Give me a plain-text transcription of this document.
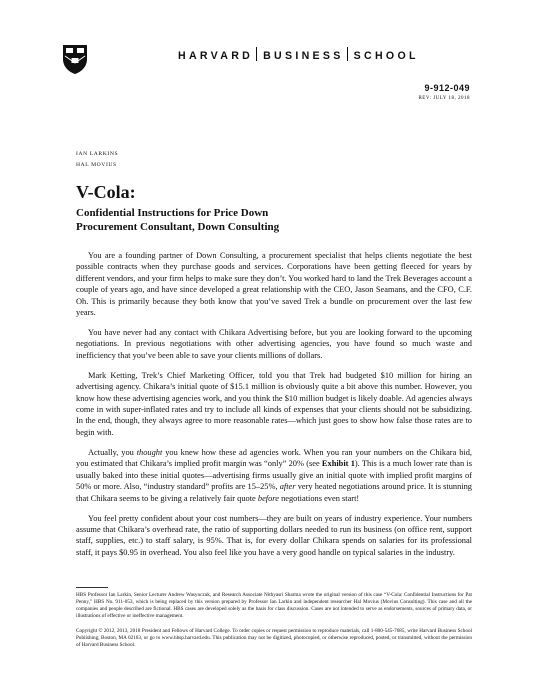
HARVARD BUSINESS SCHOOL
9-912-049
REV: JULY 18, 2018
IAN LARKINS
HAL MOVIUS
V-Cola:
Confidential Instructions for Price Down
Procurement Consultant, Down Consulting

You are a founding partner of Down Consulting, a procurement specialist that helps clients negotiate the best possible contracts when they purchase goods and services. Corporations have been getting fleeced for years by different vendors, and your firm helps to make sure they don’t. You worked hard to land the Trek Beverages account a couple of years ago, and have since developed a great relationship with the CEO, Jason Seamans, and the CFO, C.F. Oh. This is primarily because they both know that you’ve saved Trek a bundle on procurement over the last few years.

You have never had any contact with Chikara Advertising before, but you are looking forward to the upcoming negotiations. In previous negotiations with other advertising agencies, you have found so much waste and inefficiency that you’ve been able to save your clients millions of dollars.

Mark Ketting, Trek’s Chief Marketing Officer, told you that Trek had budgeted $10 million for hiring an advertising agency. Chikara’s initial quote of $15.1 million is obviously quite a bit above this number. However, you know how these advertising agencies work, and you think the $10 million budget is likely doable. Ad agencies always come in with super-inflated rates and try to include all kinds of expenses that your clients should not be subsidizing. In the end, though, they always agree to more reasonable rates—which just goes to show how false those rates are to begin with.

Actually, you thought you knew how these ad agencies work. When you ran your numbers on the Chikara bid, you estimated that Chikara’s implied profit margin was “only” 20% (see Exhibit 1). This is a much lower rate than is usually baked into these initial quotes—advertising firms usually give an initial quote with implied profit margins of 50% or more. Also, “industry standard” profits are 15–25%, after very heated negotiations around price. It is stunning that Chikara seems to be giving a relatively fair quote before negotiations even start!

You feel pretty confident about your cost numbers—they are built on years of industry experience. Your numbers assume that Chikara’s overhead rate, the ratio of supporting dollars needed to run its business (on office rent, support staff, supplies, etc.) to staff salary, is 95%. That is, for every dollar Chikara spends on salaries for its professional staff, it pays $0.95 in overhead. You also feel like you have a very good handle on typical salaries in the industry.

HBS Professor Ian Larkin, Senior Lecturer Andrew Wasynczuk, and Research Associate Nithyasri Sharma wrote the original version of this case “V-Cola: Confidential Instructions for Pat Penny,” HBS No. 911-053, which is being replaced by this version prepared by Professor Ian Larkin and independent researcher Hal Movius (Movius Consulting). This case and all the companies and people described are fictional. HBS cases are developed solely as the basis for class discussion. Cases are not intended to serve as endorsements, sources of primary data, or illustrations of effective or ineffective management.
Copyright © 2012, 2013, 2018 President and Fellows of Harvard College. To order copies or request permission to reproduce materials, call 1-800-545-7685, write Harvard Business School Publishing, Boston, MA 02163, or go to www.hbsp.harvard.edu. This publication may not be digitized, photocopied, or otherwise reproduced, posted, or transmitted, without the permission of Harvard Business School.
